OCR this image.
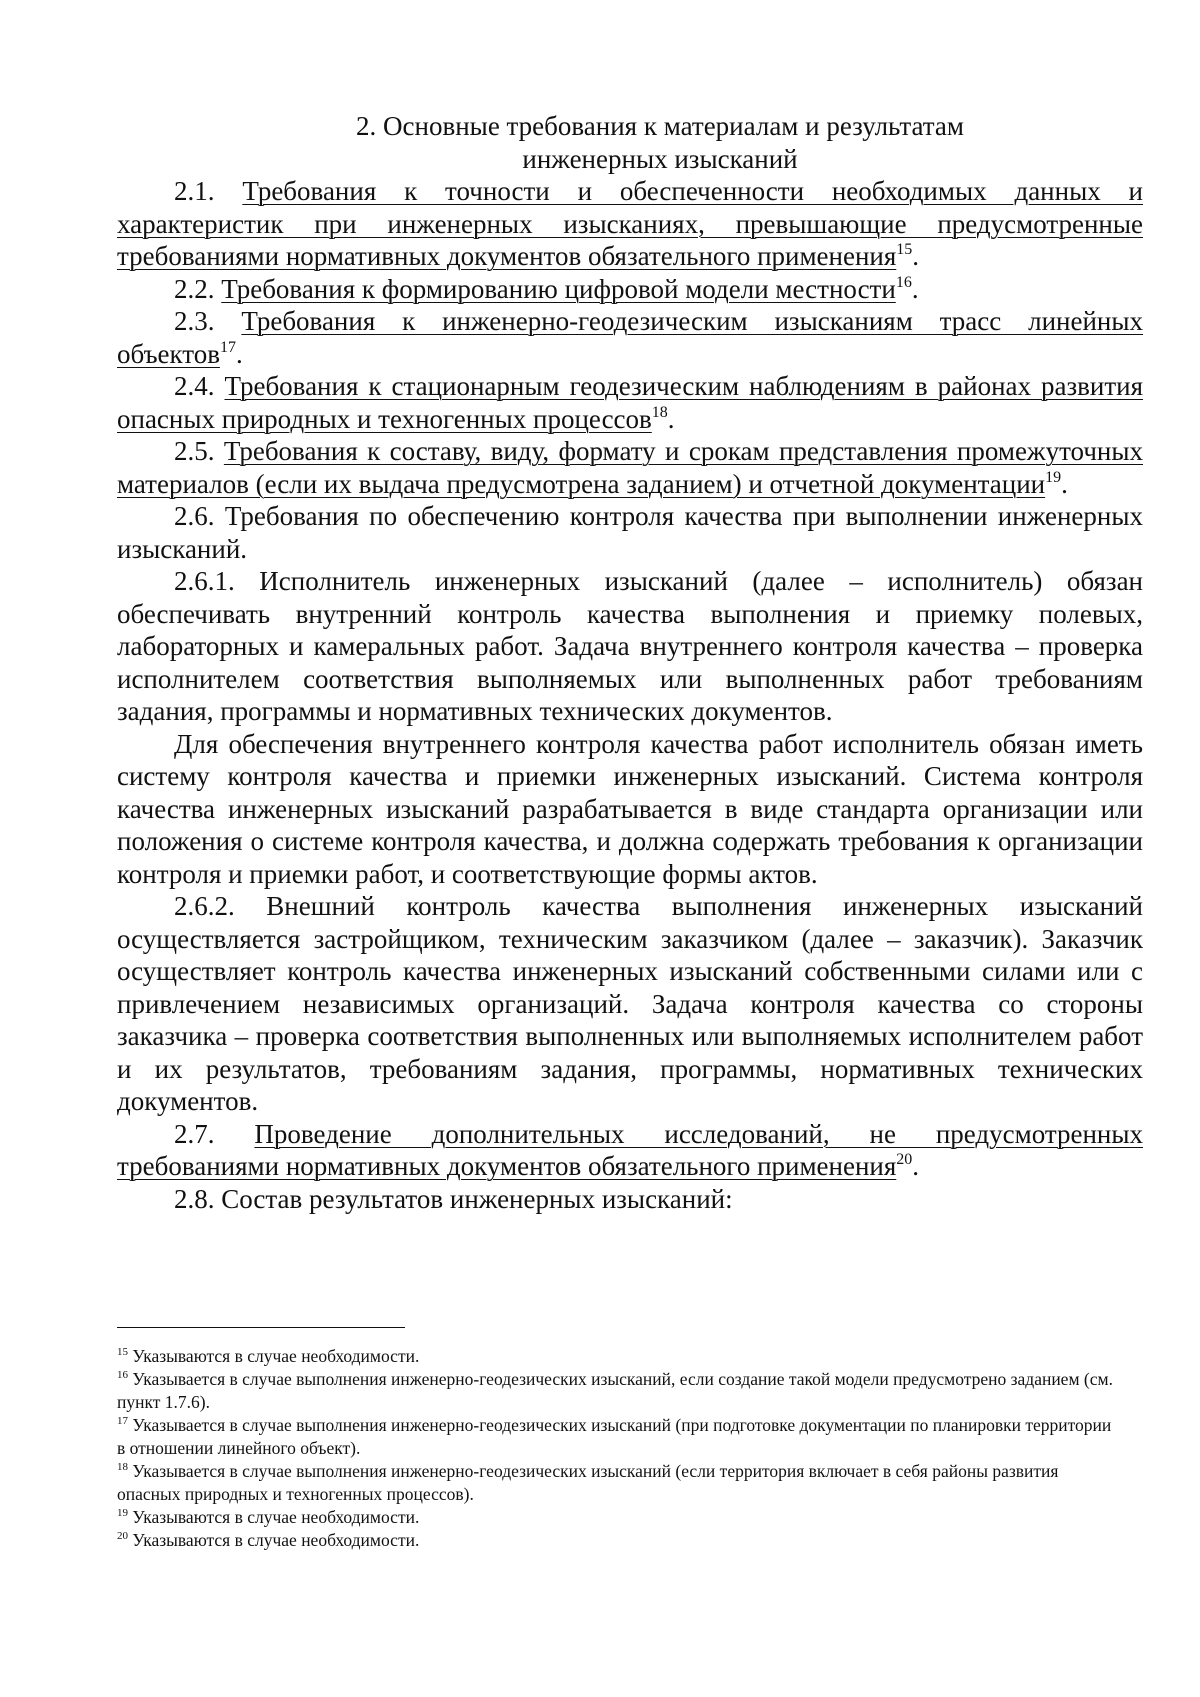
2. Основные требования к материалам и результатам
инженерных изысканий

2.1. Требования к точности и обеспеченности необходимых данных и характеристик при инженерных изысканиях, превышающие предусмотренные требованиями нормативных документов обязательного применения$^{15}$.

2.2. Требования к формированию цифровой модели местности$^{16}$.

2.3. Требования к инженерно-геодезическим изысканиям трасс линейных объектов$^{17}$.

2.4. Требования к стационарным геодезическим наблюдениям в районах развития опасных природных и техногенных процессов$^{18}$.

2.5. Требования к составу, виду, формату и срокам представления промежуточных материалов (если их выдача предусмотрена заданием) и отчетной документации$^{19}$.

2.6. Требования по обеспечению контроля качества при выполнении инженерных изысканий.

2.6.1. Исполнитель инженерных изысканий (далее – исполнитель) обязан обеспечивать внутренний контроль качества выполнения и приемку полевых, лабораторных и камеральных работ. Задача внутреннего контроля качества – проверка исполнителем соответствия выполняемых или выполненных работ требованиям задания, программы и нормативных технических документов.

Для обеспечения внутреннего контроля качества работ исполнитель обязан иметь систему контроля качества и приемки инженерных изысканий. Система контроля качества инженерных изысканий разрабатывается в виде стандарта организации или положения о системе контроля качества, и должна содержать требования к организации контроля и приемки работ, и соответствующие формы актов.

2.6.2. Внешний контроль качества выполнения инженерных изысканий осуществляется застройщиком, техническим заказчиком (далее – заказчик). Заказчик осуществляет контроль качества инженерных изысканий собственными силами или с привлечением независимых организаций. Задача контроля качества со стороны заказчика – проверка соответствия выполненных или выполняемых исполнителем работ и их результатов, требованиям задания, программы, нормативных технических документов.

2.7. Проведение дополнительных исследований, не предусмотренных требованиями нормативных документов обязательного применения$^{20}$.

2.8. Состав результатов инженерных изысканий:

$^{15}$ Указываются в случае необходимости.

$^{16}$ Указывается в случае выполнения инженерно-геодезических изысканий, если создание такой модели предусмотрено заданием (см. пункт 1.7.6).

$^{17}$ Указывается в случае выполнения инженерно-геодезических изысканий (при подготовке документации по планировки территории в отношении линейного объект).

$^{18}$ Указывается в случае выполнения инженерно-геодезических изысканий (если территория включает в себя районы развития опасных природных и техногенных процессов).

$^{19}$ Указываются в случае необходимости.

$^{20}$ Указываются в случае необходимости.
